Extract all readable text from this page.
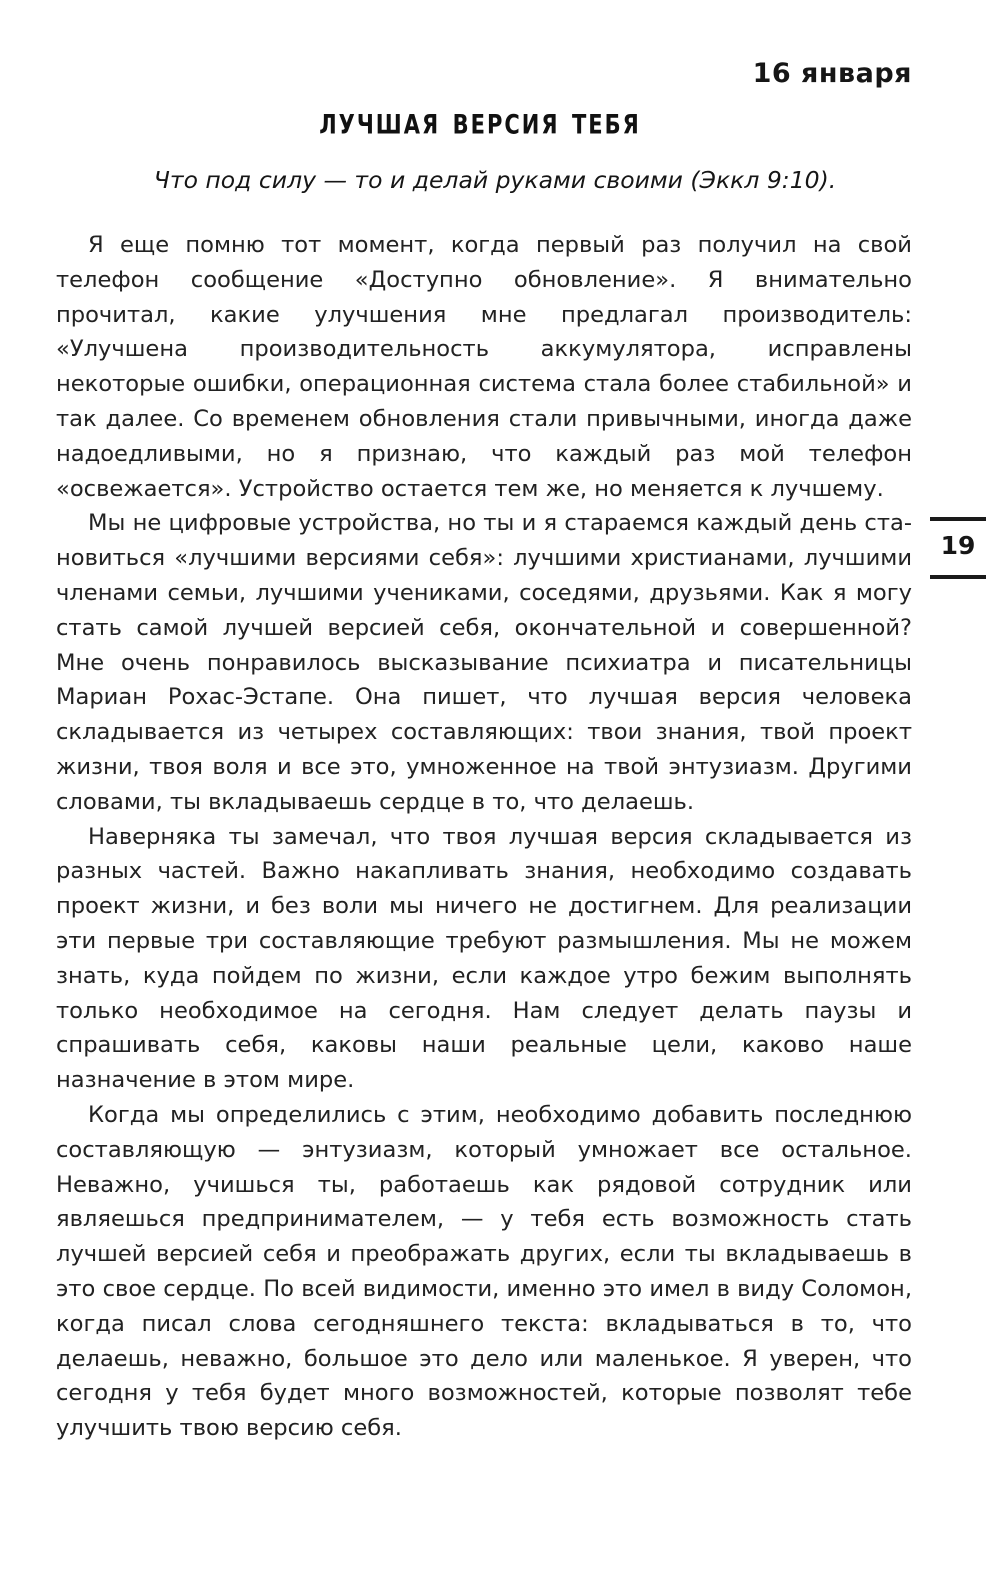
16 января
лучшая версия тебя
Что под силу — то и делай руками своими (Эккл 9:10).

Я еще помню тот момент, когда первый раз получил на свой телефон сообщение «Доступно обновление». Я внимательно прочитал, какие улучшения мне предлагал производитель: «Улучшена производительность аккумулятора, исправлены некоторые ошибки, операционная система стала более стабильной» и так далее. Со временем обновления стали привычными, иногда даже надоедливыми, но я признаю, что каждый раз мой телефон «освежается». Устройство остается тем же, но меняется к лучшему.

Мы не цифровые устройства, но ты и я стараемся каждый день становиться «лучшими версиями себя»: лучшими христианами, лучшими членами семьи, лучшими учениками, соседями, друзьями. Как я могу стать самой лучшей версией себя, окончательной и совершенной? Мне очень понравилось высказывание психиатра и писательницы Мариан Рохас-Эстапе. Она пишет, что лучшая версия человека складывается из четырех составляющих: твои знания, твой проект жизни, твоя воля и все это, умноженное на твой энтузиазм. Другими словами, ты вкладываешь сердце в то, что делаешь.

Наверняка ты замечал, что твоя лучшая версия складывается из разных частей. Важно накапливать знания, необходимо создавать проект жизни, и без воли мы ничего не достигнем. Для реализации эти первые три составляющие требуют размышления. Мы не можем знать, куда пойдем по жизни, если каждое утро бежим выполнять только необходимое на сегодня. Нам следует делать паузы и спрашивать себя, каковы наши реальные цели, каково наше назначение в этом мире.

Когда мы определились с этим, необходимо добавить последнюю составляющую — энтузиазм, который умножает все остальное. Неважно, учишься ты, работаешь как рядовой сотрудник или являешься предпринимателем, — у тебя есть возможность стать лучшей версией себя и преображать других, если ты вкладываешь в это свое сердце. По всей видимости, именно это имел в виду Соломон, когда писал слова сегодняшнего текста: вкладываться в то, что делаешь, неважно, большое это дело или маленькое. Я уверен, что сегодня у тебя будет много возможностей, которые позволят тебе улучшить твою версию себя.

19
